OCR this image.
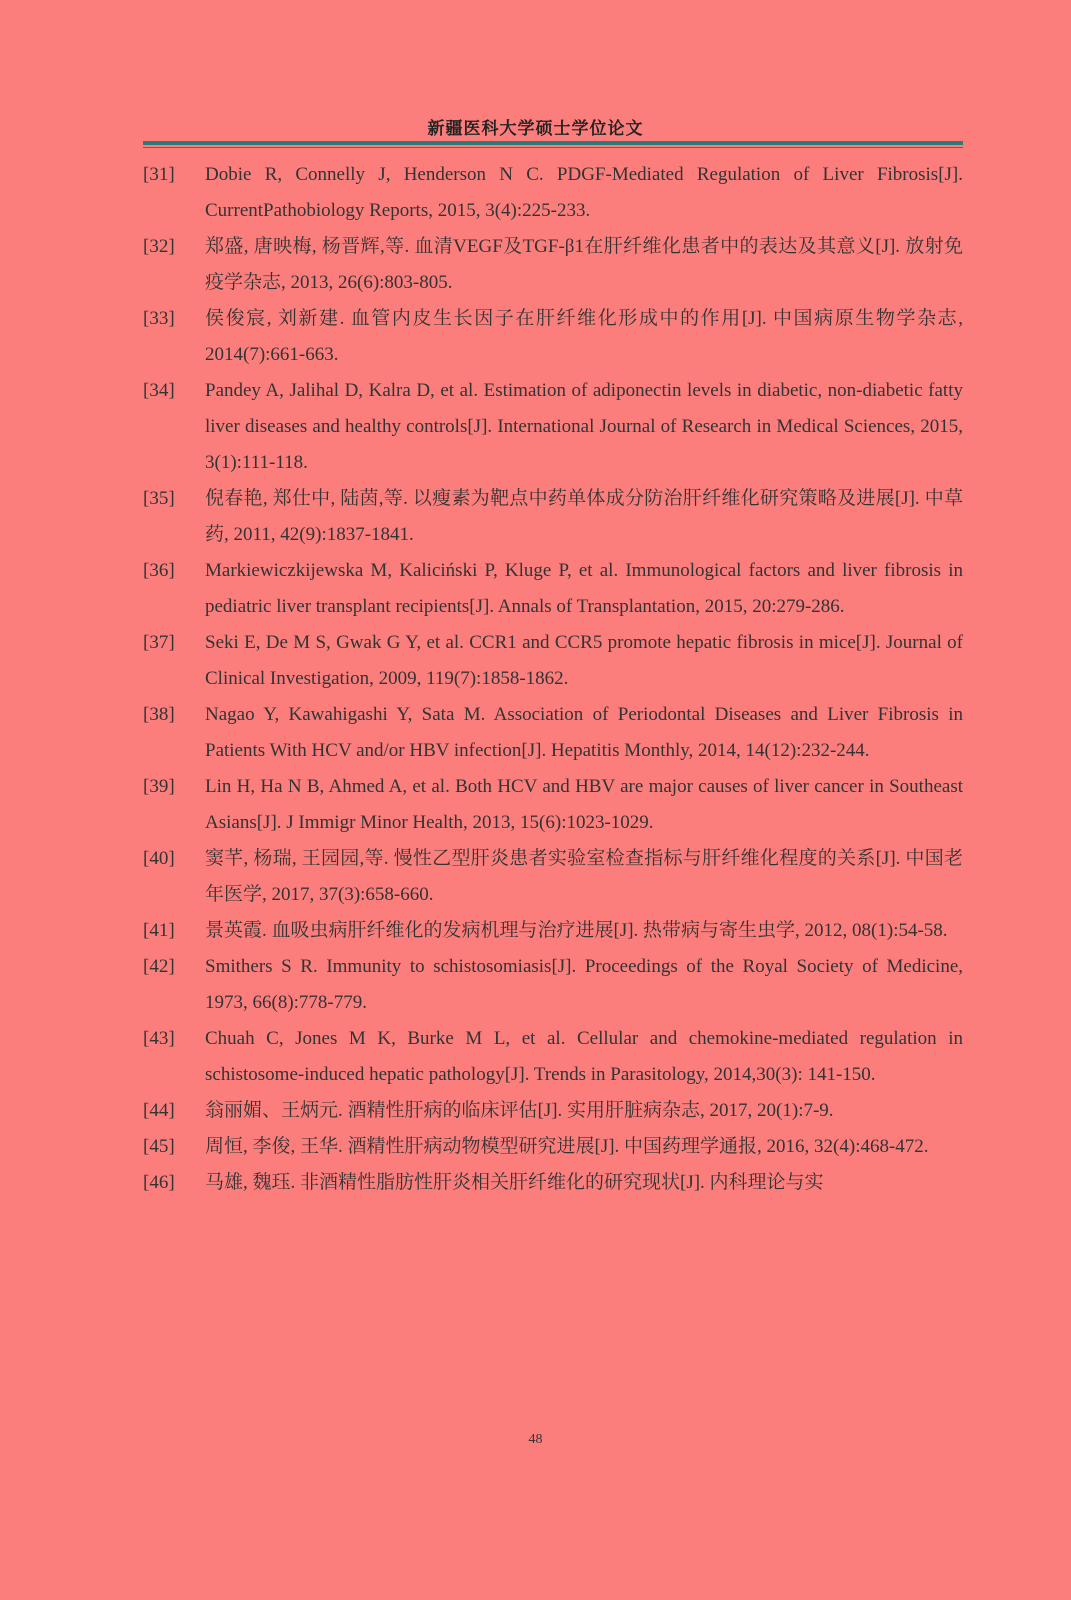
新疆医科大学硕士学位论文
[31]	Dobie R, Connelly J, Henderson N C. PDGF-Mediated Regulation of Liver Fibrosis[J]. CurrentPathobiology Reports, 2015, 3(4):225-233.
[32]	郑盛, 唐映梅, 杨晋辉,等. 血清VEGF及TGF-β1在肝纤维化患者中的表达及其意义[J]. 放射免疫学杂志, 2013, 26(6):803-805.
[33]	侯俊宸, 刘新建. 血管内皮生长因子在肝纤维化形成中的作用[J]. 中国病原生物学杂志, 2014(7):661-663.
[34]	Pandey A, Jalihal D, Kalra D, et al. Estimation of adiponectin levels in diabetic, non-diabetic fatty liver diseases and healthy controls[J]. International Journal of Research in Medical Sciences, 2015, 3(1):111-118.
[35]	倪春艳, 郑仕中, 陆茵,等. 以瘦素为靶点中药单体成分防治肝纤维化研究策略及进展[J]. 中草药, 2011, 42(9):1837-1841.
[36]	Markiewiczkijewska M, Kaliciński P, Kluge P, et al. Immunological factors and liver fibrosis in pediatric liver transplant recipients[J]. Annals of Transplantation, 2015, 20:279-286.
[37]	Seki E, De M S, Gwak G Y, et al. CCR1 and CCR5 promote hepatic fibrosis in mice[J]. Journal of Clinical Investigation, 2009, 119(7):1858-1862.
[38]	Nagao Y, Kawahigashi Y, Sata M. Association of Periodontal Diseases and Liver Fibrosis in Patients With HCV and/or HBV infection[J]. Hepatitis Monthly, 2014, 14(12):232-244.
[39]	Lin H, Ha N B, Ahmed A, et al. Both HCV and HBV are major causes of liver cancer in Southeast Asians[J]. J Immigr Minor Health, 2013, 15(6):1023-1029.
[40]	窦芊, 杨瑞, 王园园,等. 慢性乙型肝炎患者实验室检查指标与肝纤维化程度的关系[J]. 中国老年医学, 2017, 37(3):658-660.
[41]	景英霞. 血吸虫病肝纤维化的发病机理与治疗进展[J]. 热带病与寄生虫学, 2012, 08(1):54-58.
[42]	Smithers S R. Immunity to schistosomiasis[J]. Proceedings of the Royal Society of Medicine, 1973, 66(8):778-779.
[43]	Chuah C, Jones M K, Burke M L, et al. Cellular and chemokine-mediated regulation in schistosome-induced hepatic pathology[J]. Trends in Parasitology, 2014,30(3): 141-150.
[44]	翁丽媚、王炳元. 酒精性肝病的临床评估[J]. 实用肝脏病杂志, 2017, 20(1):7-9.
[45]	周恒, 李俊, 王华. 酒精性肝病动物模型研究进展[J]. 中国药理学通报, 2016, 32(4):468-472.
[46]	马雄, 魏珏. 非酒精性脂肪性肝炎相关肝纤维化的研究现状[J]. 内科理论与实
48
